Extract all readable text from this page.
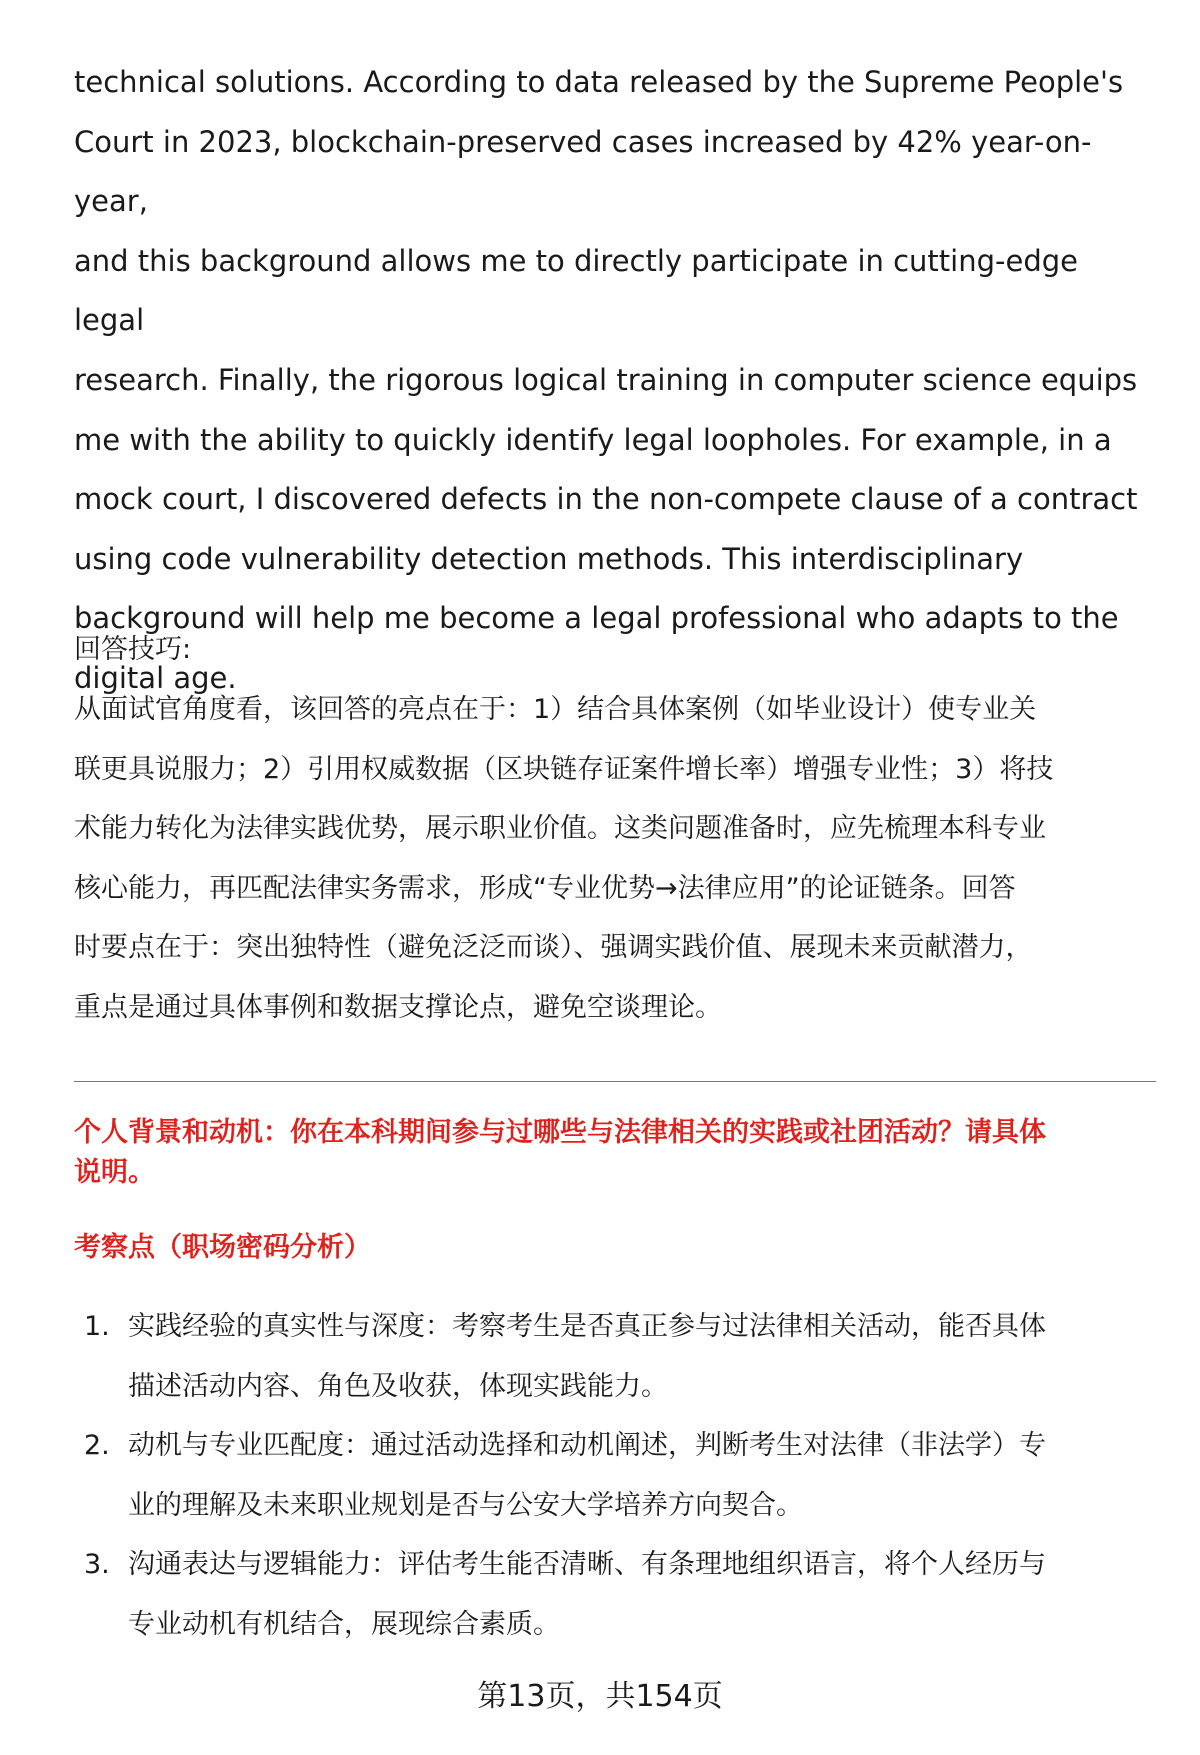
technical solutions. According to data released by the Supreme People's
Court in 2023, blockchain-preserved cases increased by 42% year-on-year,
and this background allows me to directly participate in cutting-edge legal
research. Finally, the rigorous logical training in computer science equips
me with the ability to quickly identify legal loopholes. For example, in a
mock court, I discovered defects in the non-compete clause of a contract
using code vulnerability detection methods. This interdisciplinary
background will help me become a legal professional who adapts to the
digital age.

回答技巧:

从面试官角度看，该回答的亮点在于：1）结合具体案例（如毕业设计）使专业关
联更具说服力；2）引用权威数据（区块链存证案件增长率）增强专业性；3）将技
术能力转化为法律实践优势，展示职业价值。这类问题准备时，应先梳理本科专业
核心能力，再匹配法律实务需求，形成“专业优势→法律应用”的论证链条。回答
时要点在于：突出独特性（避免泛泛而谈）、强调实践价值、展现未来贡献潜力，
重点是通过具体事例和数据支撑论点，避免空谈理论。

个人背景和动机：你在本科期间参与过哪些与法律相关的实践或社团活动？请具体
说明。

考察点（职场密码分析）

1. 实践经验的真实性与深度：考察考生是否真正参与过法律相关活动，能否具体
描述活动内容、角色及收获，体现实践能力。
2. 动机与专业匹配度：通过活动选择和动机阐述，判断考生对法律（非法学）专
业的理解及未来职业规划是否与公安大学培养方向契合。
3. 沟通表达与逻辑能力：评估考生能否清晰、有条理地组织语言，将个人经历与
专业动机有机结合，展现综合素质。
第13页，共154页
